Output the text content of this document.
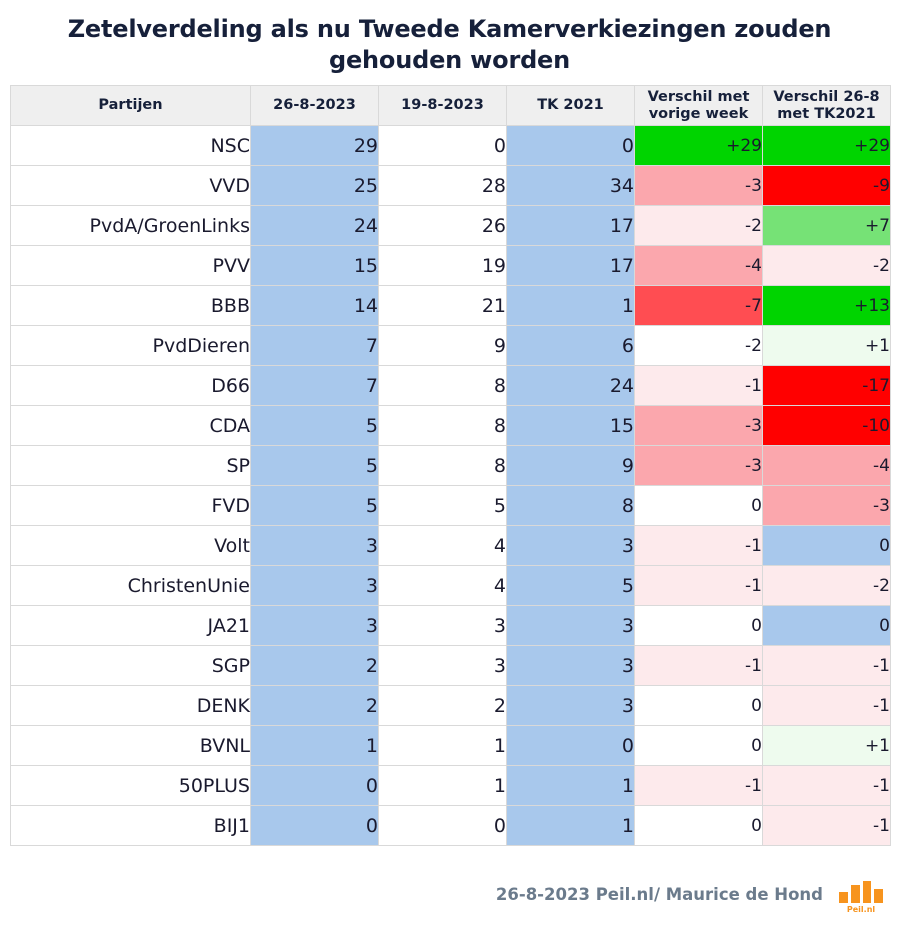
Zetelverdeling als nu Tweede Kamerverkiezingen zouden gehouden worden
Partijen	26-8-2023	19-8-2023	TK 2021	Verschil met vorige week	Verschil 26-8 met TK2021
NSC	29	0	0	+29	+29
VVD	25	28	34	-3	-9
PvdA/GroenLinks	24	26	17	-2	+7
PVV	15	19	17	-4	-2
BBB	14	21	1	-7	+13
PvdDieren	7	9	6	-2	+1
D66	7	8	24	-1	-17
CDA	5	8	15	-3	-10
SP	5	8	9	-3	-4
FVD	5	5	8	0	-3
Volt	3	4	3	-1	0
ChristenUnie	3	4	5	-1	-2
JA21	3	3	3	0	0
SGP	2	3	3	-1	-1
DENK	2	2	3	0	-1
BVNL	1	1	0	0	+1
50PLUS	0	1	1	-1	-1
BIJ1	0	0	1	0	-1
26-8-2023 Peil.nl/ Maurice de Hond
Peil.nl
